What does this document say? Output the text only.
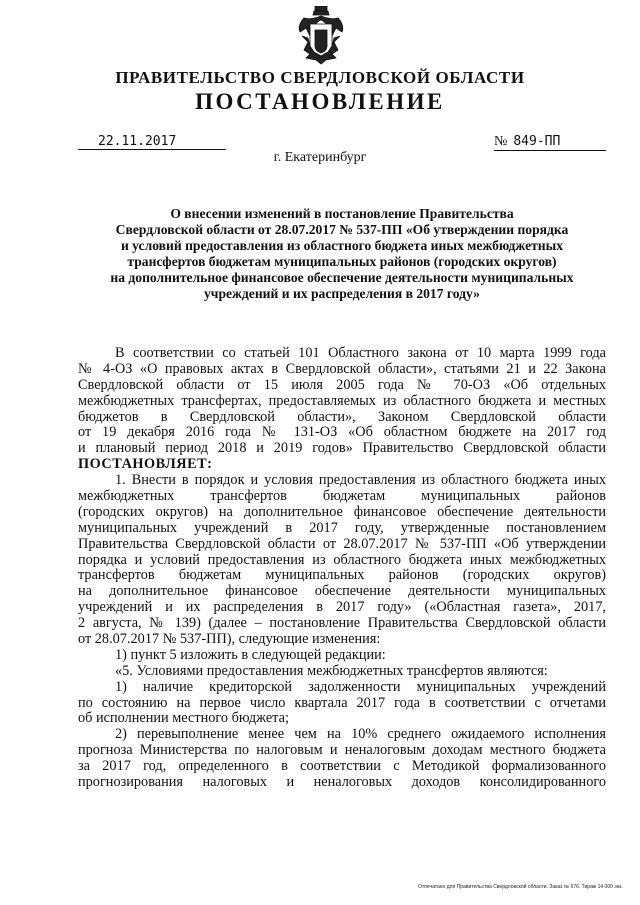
ПРАВИТЕЛЬСТВО СВЕРДЛОВСКОЙ ОБЛАСТИ
ПОСТАНОВЛЕНИЕ
22.11.2017	№ 849-ПП
г. Екатеринбург
О внесении изменений в постановление Правительства
Свердловской области от 28.07.2017 № 537-ПП «Об утверждении порядка
и условий предоставления из областного бюджета иных межбюджетных
трансфертов бюджетам муниципальных районов (городских округов)
на дополнительное финансовое обеспечение деятельности муниципальных
учреждений и их распределения в 2017 году»
В соответствии со статьей 101 Областного закона от 10 марта 1999 года
№ 4-ОЗ «О правовых актах в Свердловской области», статьями 21 и 22 Закона
Свердловской области от 15 июля 2005 года № 70-ОЗ «Об отдельных
межбюджетных трансфертах, предоставляемых из областного бюджета и местных
бюджетов в Свердловской области», Законом Свердловской области
от 19 декабря 2016 года № 131-ОЗ «Об областном бюджете на 2017 год
и плановый период 2018 и 2019 годов» Правительство Свердловской области
ПОСТАНОВЛЯЕТ:
1. Внести в порядок и условия предоставления из областного бюджета иных
межбюджетных трансфертов бюджетам муниципальных районов
(городских округов) на дополнительное финансовое обеспечение деятельности
муниципальных учреждений в 2017 году, утвержденные постановлением
Правительства Свердловской области от 28.07.2017 № 537-ПП «Об утверждении
порядка и условий предоставления из областного бюджета иных межбюджетных
трансфертов бюджетам муниципальных районов (городских округов)
на дополнительное финансовое обеспечение деятельности муниципальных
учреждений и их распределения в 2017 году» («Областная газета», 2017,
2 августа, № 139) (далее – постановление Правительства Свердловской области
от 28.07.2017 № 537-ПП), следующие изменения:
1) пункт 5 изложить в следующей редакции:
«5. Условиями предоставления межбюджетных трансфертов являются:
1) наличие кредиторской задолженности муниципальных учреждений
по состоянию на первое число квартала 2017 года в соответствии с отчетами
об исполнении местного бюджета;
2) перевыполнение менее чем на 10% среднего ожидаемого исполнения
прогноза Министерства по налоговым и неналоговым доходам местного бюджета
за 2017 год, определенного в соответствии с Методикой формализованного
прогнозирования налоговых и неналоговых доходов консолидированного
Отпечатано для Правительства Свердловской области. Заказ № 676. Тираж 14 000 экз.
